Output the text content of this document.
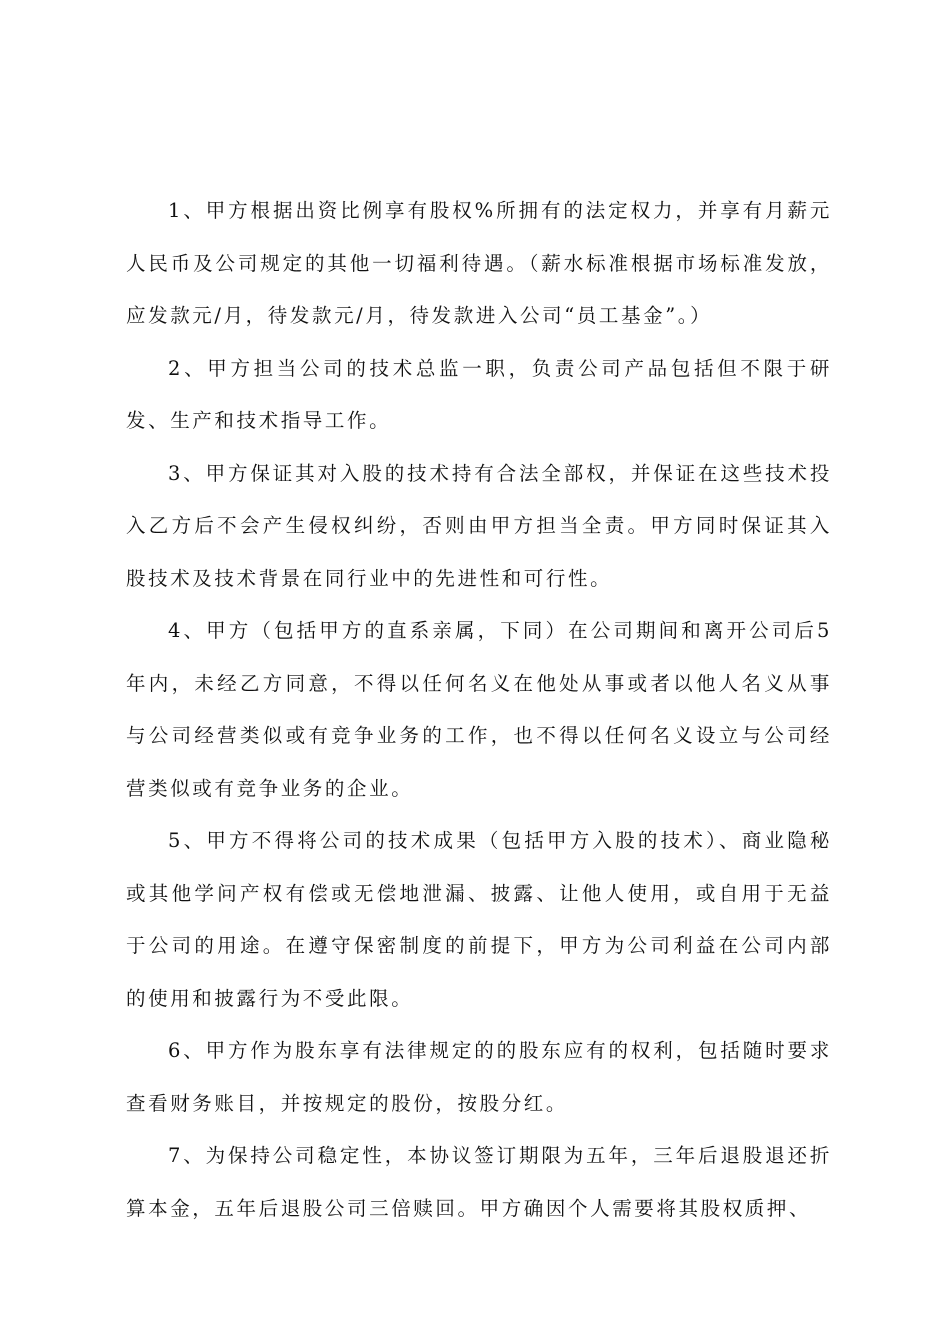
1、甲方根据出资比例享有股权%所拥有的法定权力，并享有月薪元人民币及公司规定的其他一切福利待遇。（薪水标准根据市场标准发放，应发款元/月，待发款元/月，待发款进入公司“员工基金”。）

2、甲方担当公司的技术总监一职，负责公司产品包括但不限于研发、生产和技术指导工作。

3、甲方保证其对入股的技术持有合法全部权，并保证在这些技术投入乙方后不会产生侵权纠纷，否则由甲方担当全责。甲方同时保证其入股技术及技术背景在同行业中的先进性和可行性。

4、甲方（包括甲方的直系亲属，下同）在公司期间和离开公司后5年内，未经乙方同意，不得以任何名义在他处从事或者以他人名义从事与公司经营类似或有竞争业务的工作，也不得以任何名义设立与公司经营类似或有竞争业务的企业。

5、甲方不得将公司的技术成果（包括甲方入股的技术）、商业隐秘或其他学问产权有偿或无偿地泄漏、披露、让他人使用，或自用于无益于公司的用途。在遵守保密制度的前提下，甲方为公司利益在公司内部的使用和披露行为不受此限。

6、甲方作为股东享有法律规定的的股东应有的权利，包括随时要求查看财务账目，并按规定的股份，按股分红。

7、为保持公司稳定性，本协议签订期限为五年，三年后退股退还折算本金，五年后退股公司三倍赎回。甲方确因个人需要将其股权质押、
